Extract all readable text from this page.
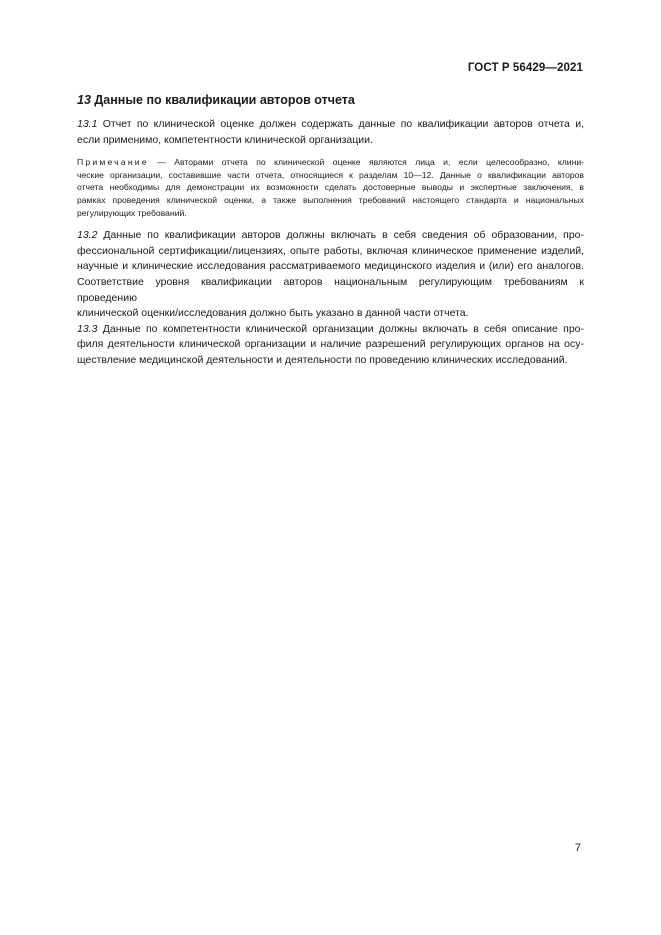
ГОСТ Р 56429—2021
13 Данные по квалификации авторов отчета
13.1 Отчет по клинической оценке должен содержать данные по квалификации авторов отчета и,
если применимо, компетентности клинической организации.
Примечание — Авторами отчета по клинической оценке являются лица и, если целесообразно, клини-
ческие организации, составившие части отчета, относящиеся к разделам 10—12. Данные о квалификации авторов
отчета необходимы для демонстрации их возможности сделать достоверные выводы и экспертные заключения, в
рамках проведения клинической оценки, а также выполнения требований настоящего стандарта и национальных
регулирующих требований.
13.2 Данные по квалификации авторов должны включать в себя сведения об образовании, про-
фессиональной сертификации/лицензиях, опыте работы, включая клиническое применение изделий,
научные и клинические исследования рассматриваемого медицинского изделия и (или) его аналогов.
Соответствие уровня квалификации авторов национальным регулирующим требованиям к проведению
клинической оценки/исследования должно быть указано в данной части отчета.
13.3 Данные по компетентности клинической организации должны включать в себя описание про-
филя деятельности клинической организации и наличие разрешений регулирующих органов на осу-
ществление медицинской деятельности и деятельности по проведению клинических исследований.
7
